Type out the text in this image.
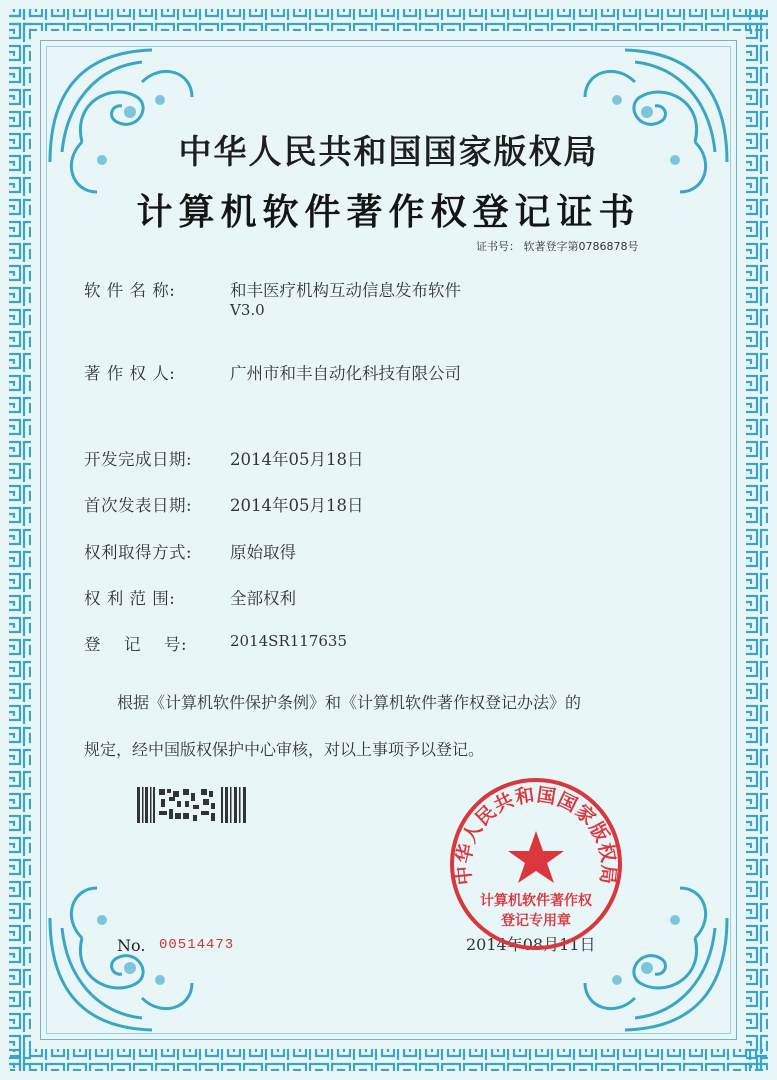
中华人民共和国国家版权局
计算机软件著作权登记证书
证书号： 软著登字第0786878号
软 件 名 称:	和丰医疗机构互动信息发布软件
V3.0
著 作 权 人:	广州市和丰自动化科技有限公司
开发完成日期: 2014年05月18日
首次发表日期: 2014年05月18日
权利取得方式: 原始取得
权 利 范 围:	全部权利
登    记    号:	2014SR117635
根据《计算机软件保护条例》和《计算机软件著作权登记办法》的
规定，经中国版权保护中心审核，对以上事项予以登记。
No. 00514473	2014年08月11日
中华人民共和国国家版权局
计算机软件著作权
登记专用章
